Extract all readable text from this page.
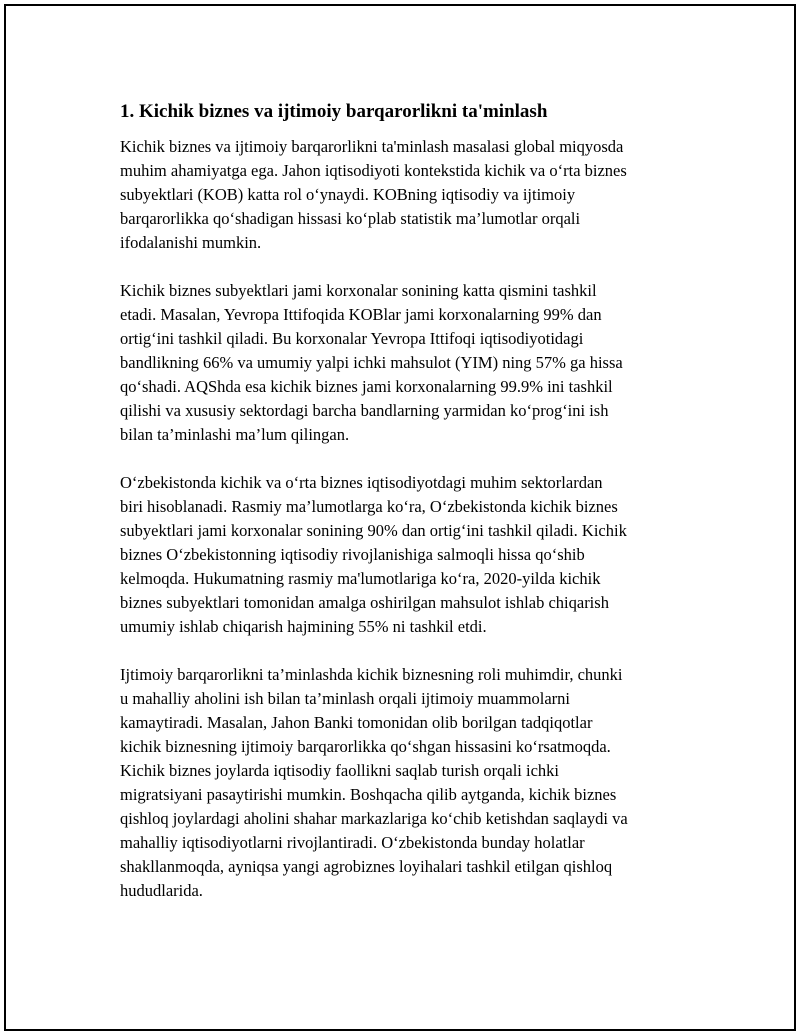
1. Kichik biznes va ijtimoiy barqarorlikni ta'minlash
Kichik biznes va ijtimoiy barqarorlikni ta'minlash masalasi global miqyosda
muhim ahamiyatga ega. Jahon iqtisodiyoti kontekstida kichik va o‘rta biznes
subyektlari (KOB) katta rol o‘ynaydi. KOBning iqtisodiy va ijtimoiy
barqarorlikka qo‘shadigan hissasi ko‘plab statistik ma’lumotlar orqali
ifodalanishi mumkin.
Kichik biznes subyektlari jami korxonalar sonining katta qismini tashkil
etadi. Masalan, Yevropa Ittifoqida KOBlar jami korxonalarning 99% dan
ortig‘ini tashkil qiladi. Bu korxonalar Yevropa Ittifoqi iqtisodiyotidagi
bandlikning 66% va umumiy yalpi ichki mahsulot (YIM) ning 57% ga hissa
qo‘shadi. AQShda esa kichik biznes jami korxonalarning 99.9% ini tashkil
qilishi va xususiy sektordagi barcha bandlarning yarmidan ko‘prog‘ini ish
bilan ta’minlashi ma’lum qilingan.
O‘zbekistonda kichik va o‘rta biznes iqtisodiyotdagi muhim sektorlardan
biri hisoblanadi. Rasmiy ma’lumotlarga ko‘ra, O‘zbekistonda kichik biznes
subyektlari jami korxonalar sonining 90% dan ortig‘ini tashkil qiladi. Kichik
biznes O‘zbekistonning iqtisodiy rivojlanishiga salmoqli hissa qo‘shib
kelmoqda. Hukumatning rasmiy ma'lumotlariga ko‘ra, 2020-yilda kichik
biznes subyektlari tomonidan amalga oshirilgan mahsulot ishlab chiqarish
umumiy ishlab chiqarish hajmining 55% ni tashkil etdi.
Ijtimoiy barqarorlikni ta’minlashda kichik biznesning roli muhimdir, chunki
u mahalliy aholini ish bilan ta’minlash orqali ijtimoiy muammolarni
kamaytiradi. Masalan, Jahon Banki tomonidan olib borilgan tadqiqotlar
kichik biznesning ijtimoiy barqarorlikka qo‘shgan hissasini ko‘rsatmoqda.
Kichik biznes joylarda iqtisodiy faollikni saqlab turish orqali ichki
migratsiyani pasaytirishi mumkin. Boshqacha qilib aytganda, kichik biznes
qishloq joylardagi aholini shahar markazlariga ko‘chib ketishdan saqlaydi va
mahalliy iqtisodiyotlarni rivojlantiradi. O‘zbekistonda bunday holatlar
shakllanmoqda, ayniqsa yangi agrobiznes loyihalari tashkil etilgan qishloq
hududlarida.
